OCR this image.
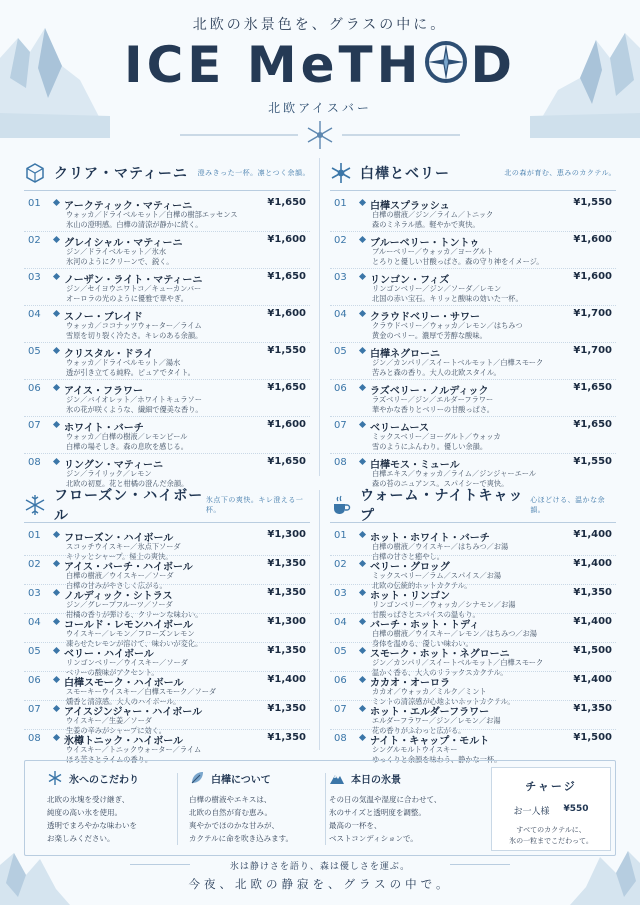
北欧の氷景色を、グラスの中に。
ICE MeTH D
北欧アイスバー
クリア・マティーニ 澄みきった一杯。凛とつく余韻。
01 アークティック・マティーニ	¥1,650
ウォッカ／ドライベルモット／白樺の樹部エッセンス
氷山の澄明感。白樺の清涼が静かに続く。
02 グレイシャル・マティーニ	¥1,600
ジン／ドライベルモット／氷水
氷河のようにクリーンで、鋭く。
03 ノーザン・ライト・マティーニ	¥1,650
ジン／セイヨウニワトコ／キューカンバー
オーロラの光のように優雅で華やぎ。
04 スノー・ブレイド	¥1,600
ウォッカ／ココナッツウォーター／ライム
雪原を切り裂く冷たさ。キレのある余韻。
05 クリスタル・ドライ	¥1,550
ウォッカ／ドライベルモット／湯水
透が引き立てる純粋。ピュアでタイト。
06 アイス・フラワー	¥1,650
ジン／バイオレット／ホワイトキュラソー
氷の花が咲くような、繊細で優美な香り。
07 ホワイト・バーチ	¥1,600
ウォッカ／白樺の樹液／レモンピール
白樺の場そしき。森の息吹を感じる。
08 リングン・マティーニ	¥1,650
ジン／ライリック／レモン
北欧の初夏。花と柑橘の澄んだ余韻。
白樺とベリー	北の森が育む、恵みのカクテル。
01 白樺スプラッシュ	¥1,550
白樺の樹液／ジン／ライム／トニック
森のミネラル感。軽やかで爽快。
02 ブルーベリー・トントゥ	¥1,600
ブルーベリー／ウォッカ／ヨーグルト
とろりと優しい甘酸っぱさ。森の守り神をイメージ。
03 リンゴン・フィズ	¥1,600
リンゴンベリー／ジン／ソーダ／レモン
北国の赤い宝石。キリッと酸味の効いた一杯。
04 クラウドベリー・サワー	¥1,700
クラウドベリー／ウォッカ／レモン／はちみつ
黄金のベリー。濃厚で芳醇な酸味。
05 白樺ネグローニ	¥1,700
ジン／カンパリ／スイートベルモット／白樺スモーク
苦みと森の香り。大人の北欧スタイル。
06 ラズベリー・ノルディック	¥1,650
ラズベリー／ジン／エルダーフラワー
華やかな香りとベリーの甘酸っぱさ。
07 ベリームース	¥1,650
ミックスベリー／ヨーグルト／ウォッカ
雪のようにふんわり。優しい余韻。
08 白樺モス・ミュール	¥1,550
白樺エキス／ウォッカ／ライム／ジンジャーエール
森の苔のニュアンス。スパイシーで爽快。
フローズン・ハイボール
氷点下の爽快。キレ澄える一杯。
01 フローズン・ハイボール	¥1,300
スコッチウイスキー／氷点下ソーダ
キリッとシャープ。極上の爽快。
02 アイス・バーチ・ハイボール	¥1,350
白樺の樹液／ウイスキー／ソーダ
白樺の甘みがやさしく広がる。
03 ノルディック・シトラス	¥1,350
ジン／グレープフルーツ／ソーダ
柑橘の香りが弾ける、クリーンな味わい。
04 コールド・レモンハイボール	¥1,300
ウイスキー／レモン／フローズンレモン
凍らせたレモンが溶けて、味わいが変化。
05 ベリー・ハイボール	¥1,350
リンゴンベリー／ウイスキー／ソーダ
ベリーの酸味がアクセント。
06 白樺スモーク・ハイボール	¥1,400
スモーキーウイスキー／白樺スモーク／ソーダ
燻香と清涼感。大人のハイボール。
07 アイスジンジャー・ハイボール	¥1,350
ウイスキー／生姜／ソーダ
生姜の辛みがシャープに効く。
08 氷樽トニック・ハイボール	¥1,350
ウイスキー／トニックウォーター／ライム
ほろ苦さとライムの香り。
ウォーム・ナイトキャップ
心ほどける、温かな余韻。
01 ホット・ホワイト・バーチ	¥1,400
白樺の樹液／ウイスキー／はちみつ／お湯
白樺の甘さと癒やし。
02 ベリー・グロッグ	¥1,400
ミックスベリー／ラム／スパイス／お湯
北欧の伝統的ホットカクテル。
03 ホット・リンゴン	¥1,350
リンゴンベリー／ウォッカ／シナモン／お湯
甘酸っぱさとスパイスの温もり。
04 バーチ・ホット・トディ	¥1,400
白樺の樹液／ウイスキー／レモン／はちみつ／お湯
身体を温める、優しい味わい。
05 スモーク・ホット・ネグローニ	¥1,500
ジン／カンパリ／スイートベルモット／白樺スモーク
温かく香る、大人のリラックスカクテル。
06 カカオ・オーロラ	¥1,400
カカオ／ウォッカ／ミルク／ミント
ミントの清涼感が心地よいホットカクテル。
07 ホット・エルダーフラワー	¥1,350
エルダーフラワー／ジン／レモン／お湯
花の香りがふわっと広がる。
08 ナイト・キャップ・モルト	¥1,500
シングルモルトウイスキー
ゆっくりと余韻を味わう、静かな一杯。
氷へのこだわり
北欧の氷塊を受け継ぎ、
純度の高い氷を使用。
透明でまろやかな味わいを
お楽しみください。
白樺について
白樺の樹液やエキスは、
北欧の自然が育む恵み。
爽やかでほのかな甘みが、
カクテルに命を吹き込みます。
本日の氷景
その日の気温や湿度に合わせて、
氷のサイズと透明度を調整。
最高の一杯を、
ベストコンディションで。
チャージ
お一人様 ¥550
すべてのカクテルに、
氷の一粒までこだわって。
氷は静けさを語り、森は優しさを運ぶ。
今夜、北欧の静寂を、グラスの中で。
